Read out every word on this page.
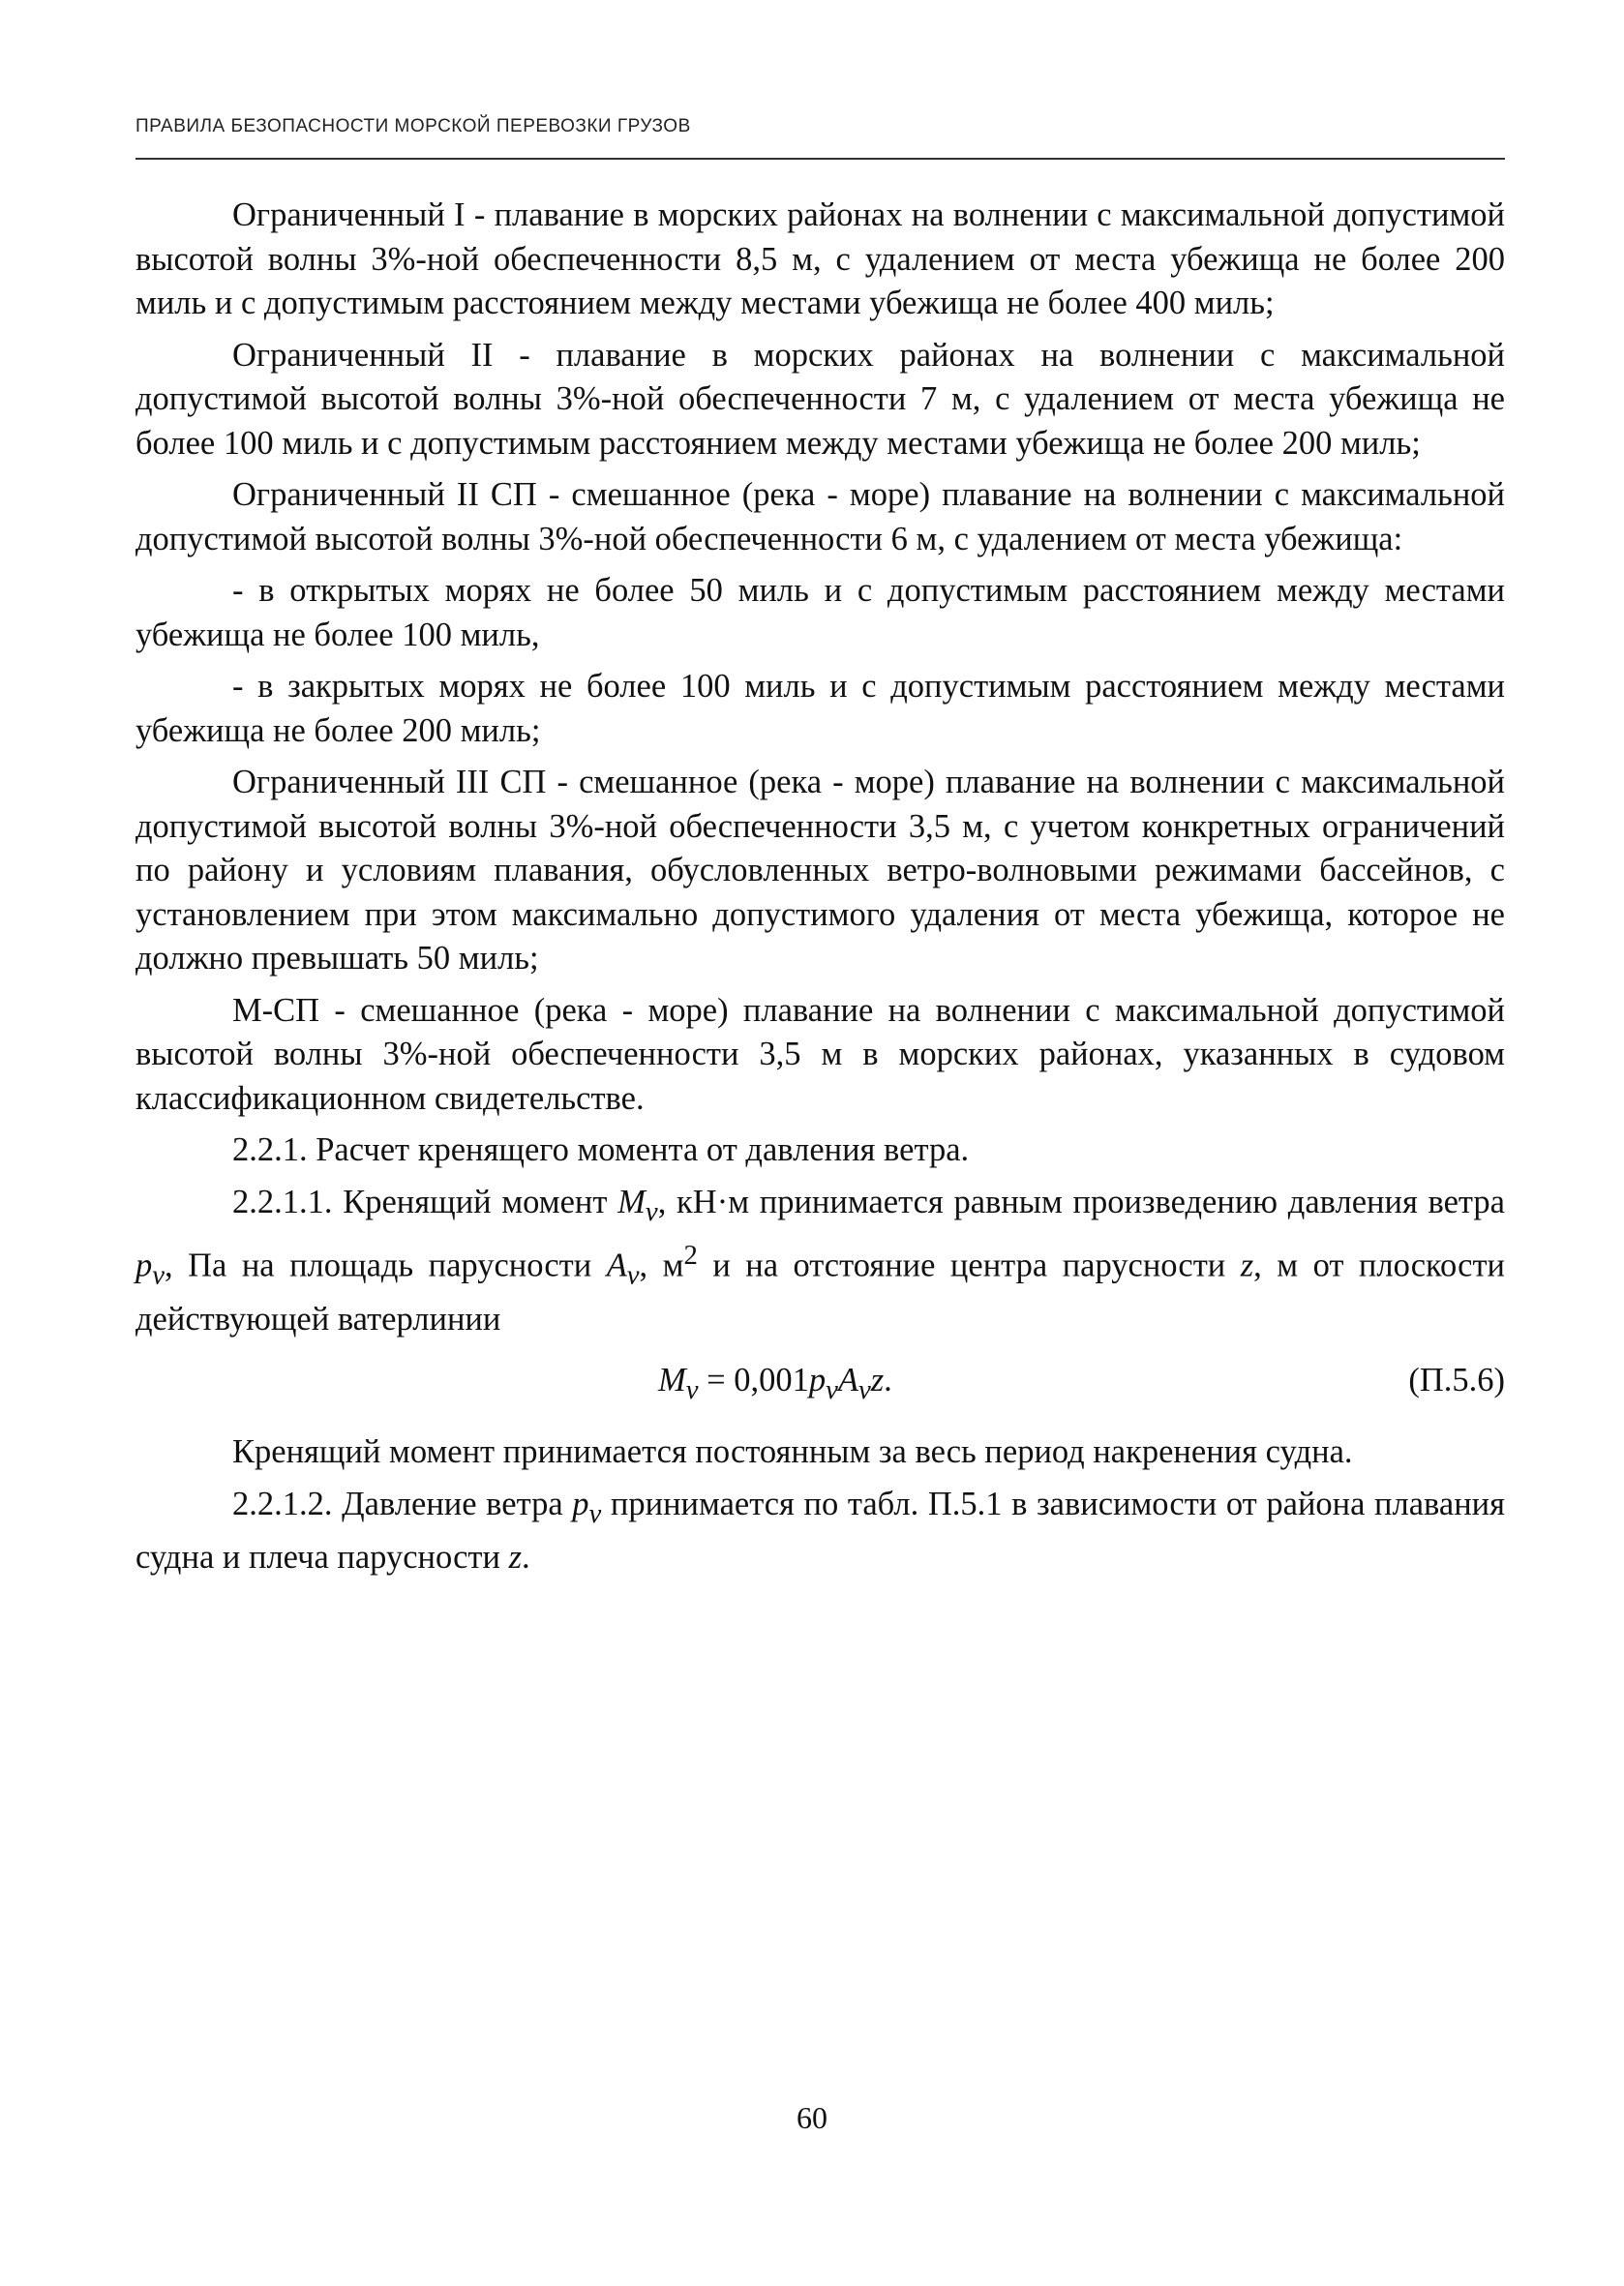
ПРАВИЛА БЕЗОПАСНОСТИ МОРСКОЙ ПЕРЕВОЗКИ ГРУЗОВ

Ограниченный I - плавание в морских районах на волнении с максимальной допустимой высотой волны 3%-ной обеспеченности 8,5 м, с удалением от места убежища не более 200 миль и с допустимым расстоянием между местами убежища не более 400 миль;

Ограниченный II - плавание в морских районах на волнении с максимальной допустимой высотой волны 3%-ной обеспеченности 7 м, с удалением от места убежища не более 100 миль и с допустимым расстоянием между местами убежища не более 200 миль;

Ограниченный II СП - смешанное (река - море) плавание на волнении с максимальной допустимой высотой волны 3%-ной обеспеченности 6 м, с удалением от места убежища:

- в открытых морях не более 50 миль и с допустимым расстоянием между местами убежища не более 100 миль,

- в закрытых морях не более 100 миль и с допустимым расстоянием между местами убежища не более 200 миль;

Ограниченный III СП - смешанное (река - море) плавание на волнении с максимальной допустимой высотой волны 3%-ной обеспеченности 3,5 м, с учетом конкретных ограничений по району и условиям плавания, обусловленных ветро-волновыми режимами бассейнов, с установлением при этом максимально допустимого удаления от места убежища, которое не должно превышать 50 миль;

М-СП - смешанное (река - море) плавание на волнении с максимальной допустимой высотой волны 3%-ной обеспеченности 3,5 м в морских районах, указанных в судовом классификационном свидетельстве.

2.2.1. Расчет кренящего момента от давления ветра.

2.2.1.1. Кренящий момент $M_v$, кН·м принимается равным произведению давления ветра $p_v$, Па на площадь парусности $A_v$, $м^2$ и на отстояние центра парусности z, м от плоскости действующей ватерлинии

$M_v = 0,001p_vA_vz$.	(П.5.6)

Кренящий момент принимается постоянным за весь период накренения судна.

2.2.1.2. Давление ветра $p_v$ принимается по табл. П.5.1 в зависимости от района плавания судна и плеча парусности z.

60
